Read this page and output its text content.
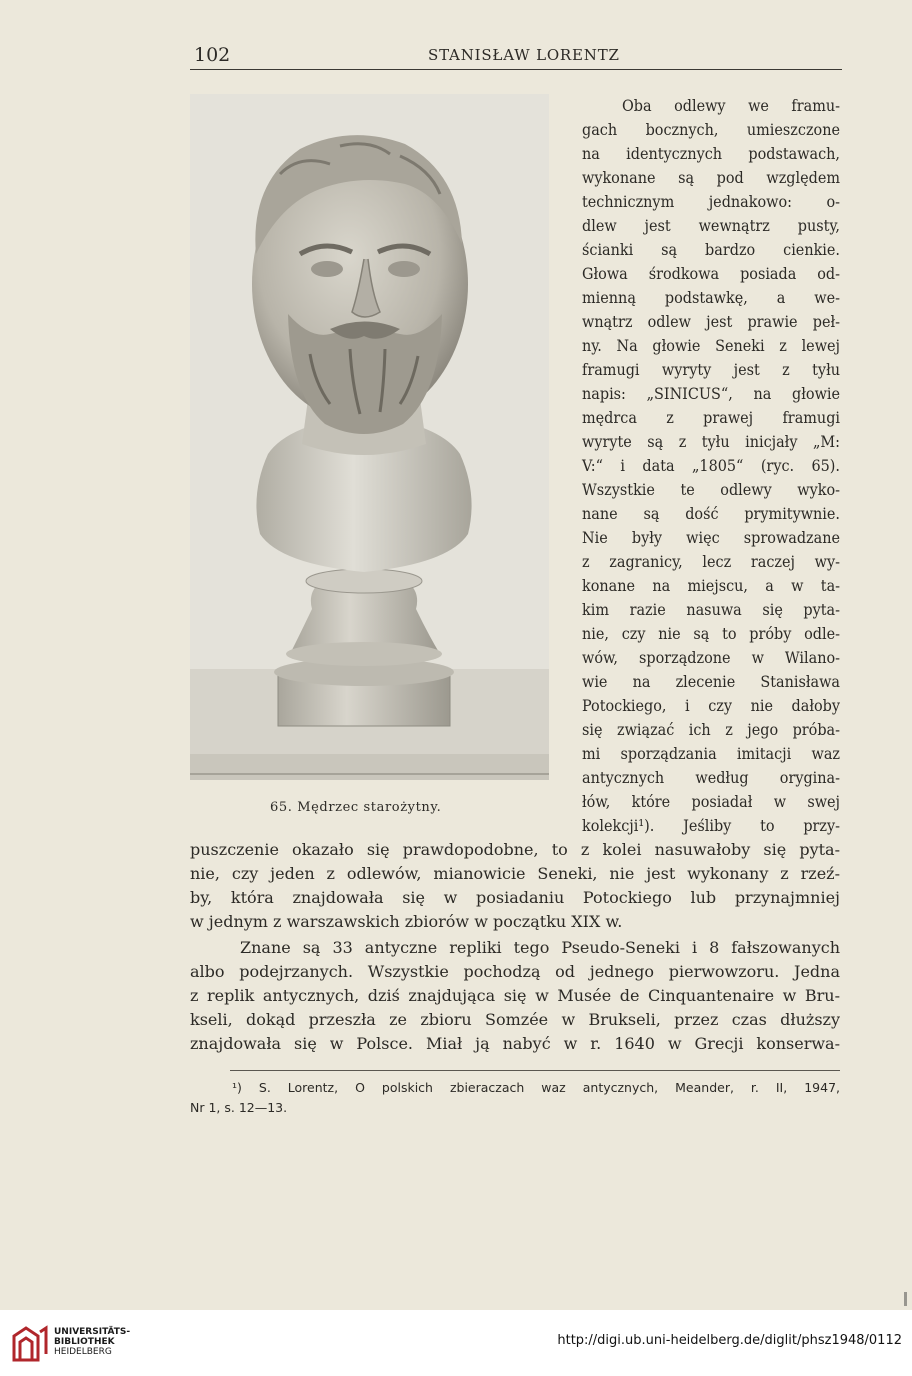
102	STANISŁAW LORENTZ
65. Mędrzec starożytny.
Oba odlewy we framu-
gach bocznych, umieszczone
na identycznych podstawach,
wykonane są pod względem
technicznym jednakowo: o-
dlew jest wewnątrz pusty,
ścianki są bardzo cienkie.
Głowa środkowa posiada od-
mienną podstawkę, a we-
wnątrz odlew jest prawie peł-
ny. Na głowie Seneki z lewej
framugi wyryty jest z tyłu
napis: „SINICUS“, na głowie
mędrca z prawej framugi
wyryte są z tyłu inicjały „M:
V:“ i data „1805“ (ryc. 65).
Wszystkie te odlewy wyko-
nane są dość prymitywnie.
Nie były więc sprowadzane
z zagranicy, lecz raczej wy-
konane na miejscu, a w ta-
kim razie nasuwa się pyta-
nie, czy nie są to próby odle-
wów, sporządzone w Wilano-
wie na zlecenie Stanisława
Potockiego, i czy nie dałoby
się związać ich z jego próba-
mi sporządzania imitacji waz
antycznych według orygina-
łów, które posiadał w swej
kolekcji¹). Jeśliby to przy-
puszczenie okazało się prawdopodobne, to z kolei nasuwałoby się pyta-
nie, czy jeden z odlewów, mianowicie Seneki, nie jest wykonany z rzeź-
by, która znajdowała się w posiadaniu Potockiego lub przynajmniej
w jednym z warszawskich zbiorów w początku XIX w.
Znane są 33 antyczne repliki tego Pseudo-Seneki i 8 fałszowanych
albo podejrzanych. Wszystkie pochodzą od jednego pierwowzoru. Jedna
z replik antycznych, dziś znajdująca się w Musée de Cinquantenaire w Bru-
kseli, dokąd przeszła ze zbioru Somzée w Brukseli, przez czas dłuższy
znajdowała się w Polsce. Miał ją nabyć w r. 1640 w Grecji konserwa-
¹) S. Lorentz, O polskich zbieraczach waz antycznych, Meander, r. II, 1947,
Nr 1, s. 12—13.
UNIVERSITÄTS-
BIBLIOTHEK
HEIDELBERG
http://digi.ub.uni-heidelberg.de/diglit/phsz1948/0112
